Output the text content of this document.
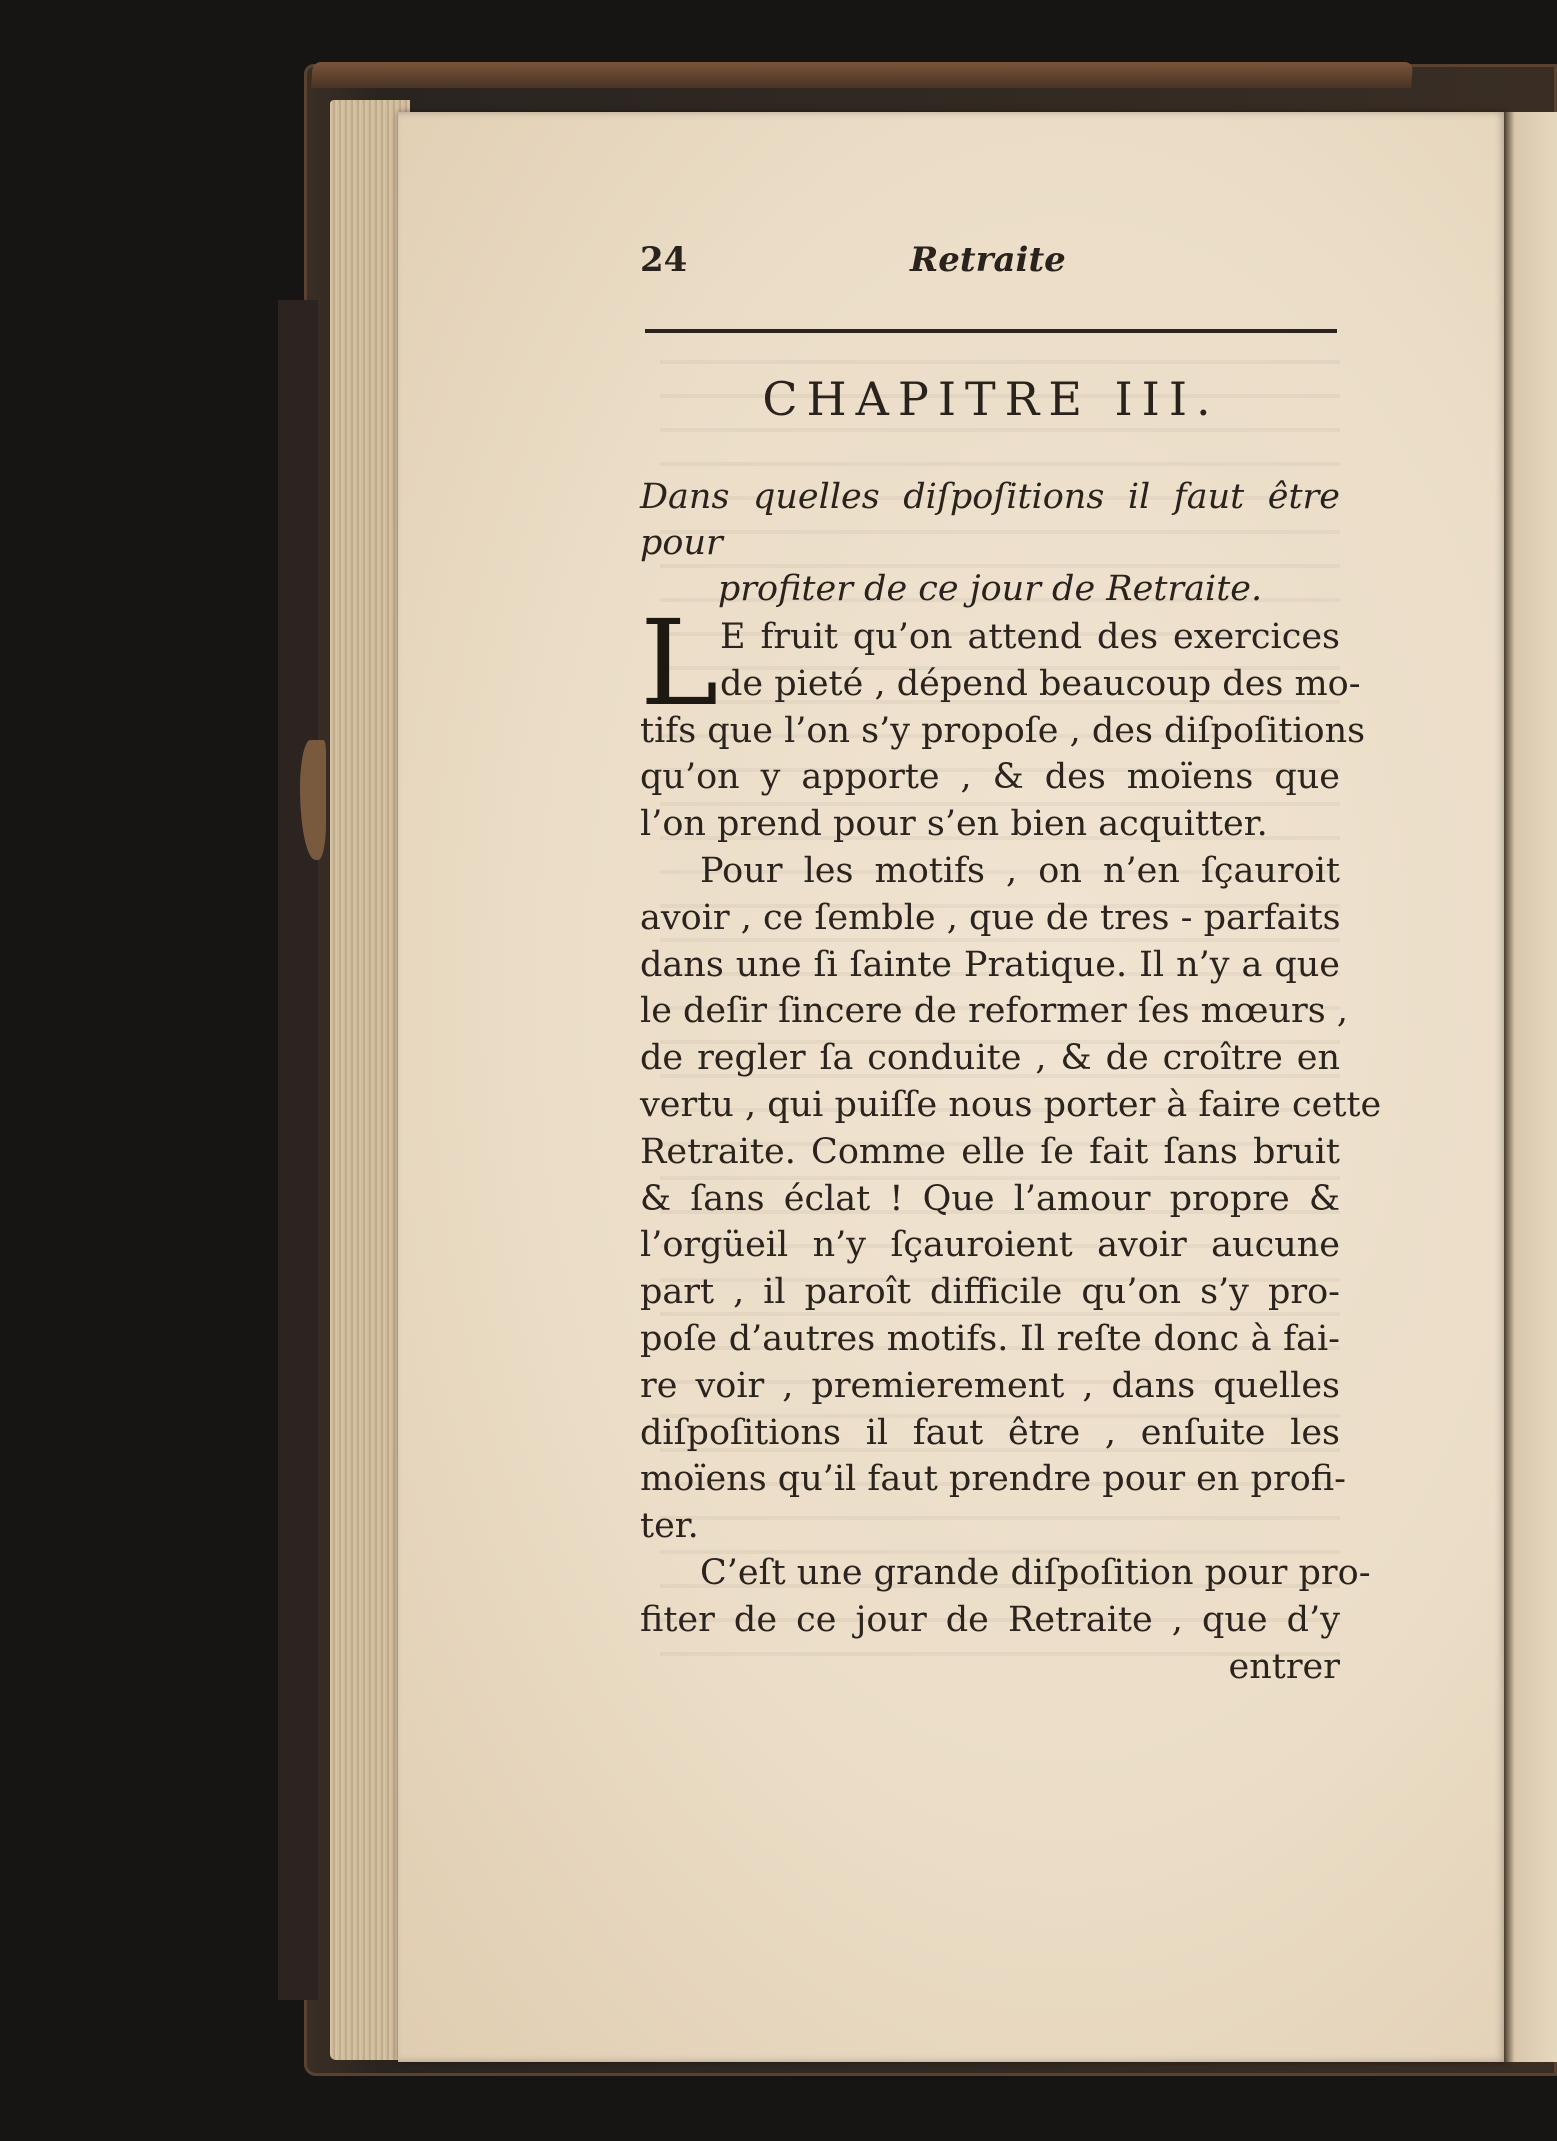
24	Retraite
CHAPITRE III.
Dans quelles diſpoſitions il faut être pour
profiter de ce jour de Retraite.
L E fruit qu’on attend des exercices
de pieté , dépend beaucoup des mo-
tifs que l’on s’y propoſe , des diſpoſitions
qu’on y apporte , & des moïens que
l’on prend pour s’en bien acquitter.
Pour les motifs , on n’en ſçauroit
avoir , ce ſemble , que de tres - parfaits
dans une ſi ſainte Pratique. Il n’y a que
le deſir ſincere de reformer ſes mœurs ,
de regler ſa conduite , & de croître en
vertu , qui puiſſe nous porter à faire cette
Retraite. Comme elle ſe fait ſans bruit
& ſans éclat ! Que l’amour propre &
l’orgüeil n’y ſçauroient avoir aucune
part , il paroît difficile qu’on s’y pro-
poſe d’autres motifs. Il reſte donc à fai-
re voir , premierement , dans quelles
diſpoſitions il faut être , enſuite les
moïens qu’il faut prendre pour en profi-
ter.
C’eſt une grande diſpoſition pour pro-
fiter de ce jour de Retraite , que d’y
entrer
